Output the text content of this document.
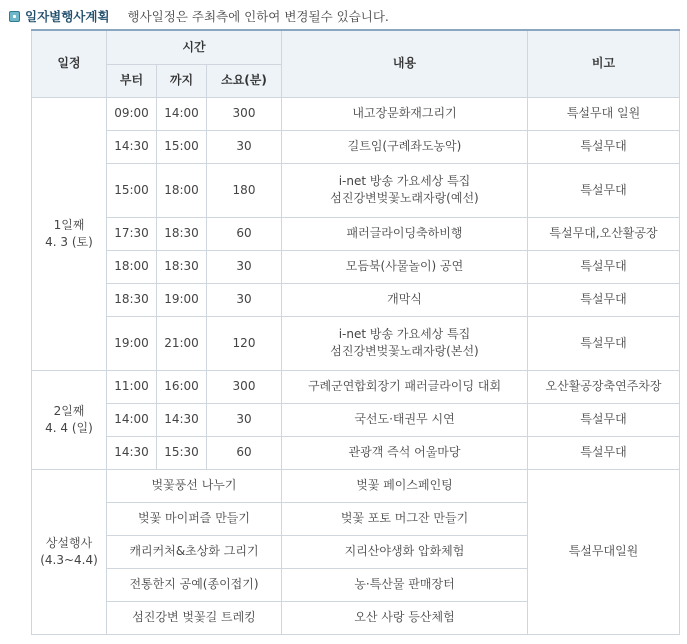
일자별행사계획 행사일정은 주최측에 인하여 변경될수 있습니다.
일정	시간			내용	비고
	부터	까지	소요(분)		

1일째
4. 3 (토)	09:00	14:00	300	내고장문화재그리기	특설무대 일원
	14:30	15:00	30	길트임(구례좌도농악)	특설무대
	15:00	18:00	180	i-net 방송 가요세상 특집
섬진강변벚꽃노래자랑(예선)	특설무대
	17:30	18:30	60	패러글라이딩축하비행	특설무대,오산활공장
	18:00	18:30	30	모듬북(사물놀이) 공연	특설무대
	18:30	19:00	30	개막식	특설무대
	19:00	21:00	120	i-net 방송 가요세상 특집
섬진강변벚꽃노래자랑(본선)	특설무대

2일째
4. 4 (일)	11:00	16:00	300	구례군연합회장기 패러글라이딩 대회	오산활공장축연주차장
	14:00	14:30	30	국선도·태권무 시연	특설무대
	14:30	15:30	60	관광객 즉석 어울마당	특설무대

상설행사
(4.3~4.4)	벚꽃풍선 나누기			벚꽃 페이스페인팅	특설무대일원
	벚꽃 마이퍼즐 만들기			벚꽃 포토 머그잔 만들기	
	캐리커처&초상화 그리기			지리산야생화 압화체험	
	전통한지 공예(종이접기)			농·특산물 판매장터	
	섬진강변 벚꽃길 트레킹			오산 사랑 등산체험	
